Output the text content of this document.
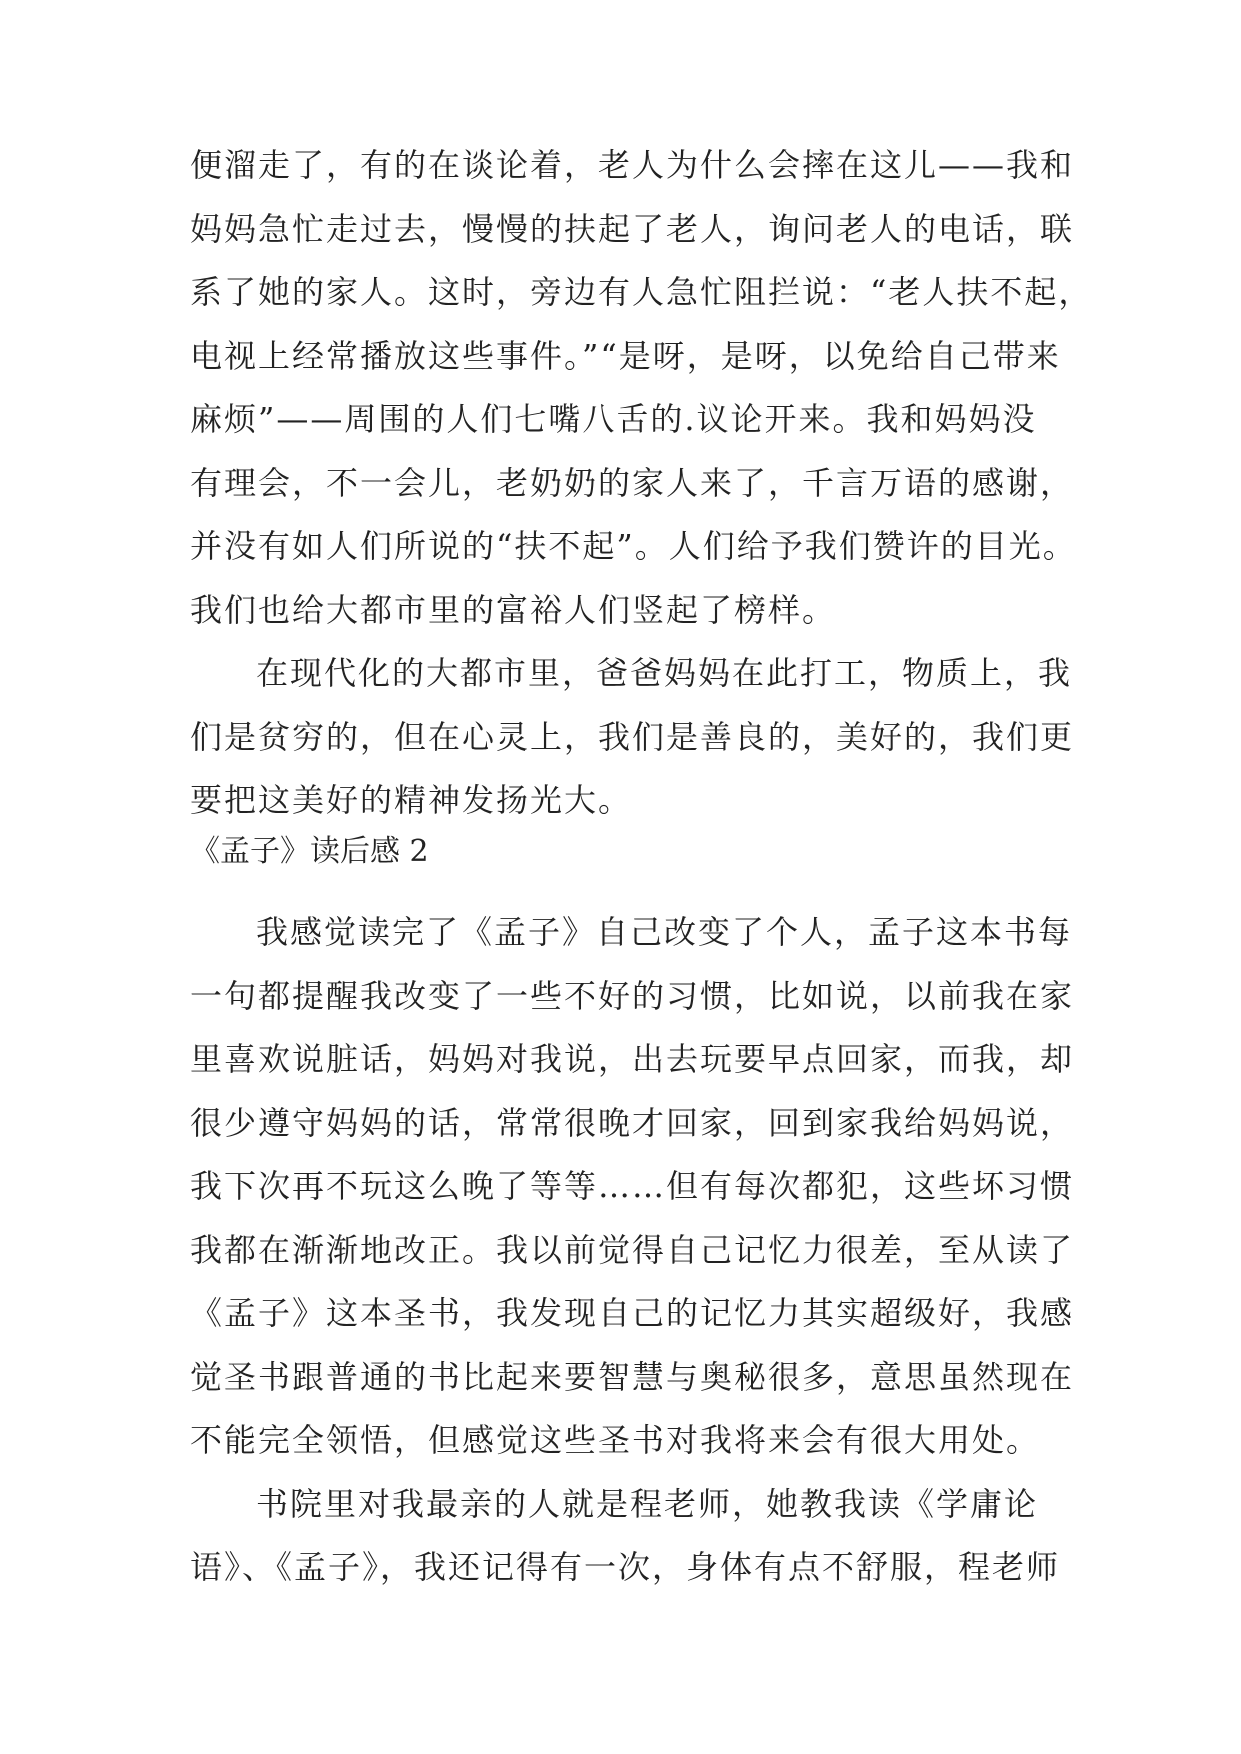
便溜走了，有的在谈论着，老人为什么会摔在这儿——我和
妈妈急忙走过去，慢慢的扶起了老人，询问老人的电话，联
系了她的家人。这时，旁边有人急忙阻拦说：“老人扶不起，
电视上经常播放这些事件。”“是呀，是呀，以免给自己带来
麻烦”——周围的人们七嘴八舌的.议论开来。我和妈妈没
有理会，不一会儿，老奶奶的家人来了，千言万语的感谢，
并没有如人们所说的“扶不起”。人们给予我们赞许的目光。
我们也给大都市里的富裕人们竖起了榜样。
在现代化的大都市里，爸爸妈妈在此打工，物质上，我
们是贫穷的，但在心灵上，我们是善良的，美好的，我们更
要把这美好的精神发扬光大。
《孟子》读后感 2
我感觉读完了《孟子》自己改变了个人，孟子这本书每
一句都提醒我改变了一些不好的习惯，比如说，以前我在家
里喜欢说脏话，妈妈对我说，出去玩要早点回家，而我，却
很少遵守妈妈的话，常常很晚才回家，回到家我给妈妈说，
我下次再不玩这么晚了等等……但有每次都犯，这些坏习惯
我都在渐渐地改正。我以前觉得自己记忆力很差，至从读了
《孟子》这本圣书，我发现自己的记忆力其实超级好，我感
觉圣书跟普通的书比起来要智慧与奥秘很多，意思虽然现在
不能完全领悟，但感觉这些圣书对我将来会有很大用处。
书院里对我最亲的人就是程老师，她教我读《学庸论
语》、《孟子》，我还记得有一次，身体有点不舒服，程老师
